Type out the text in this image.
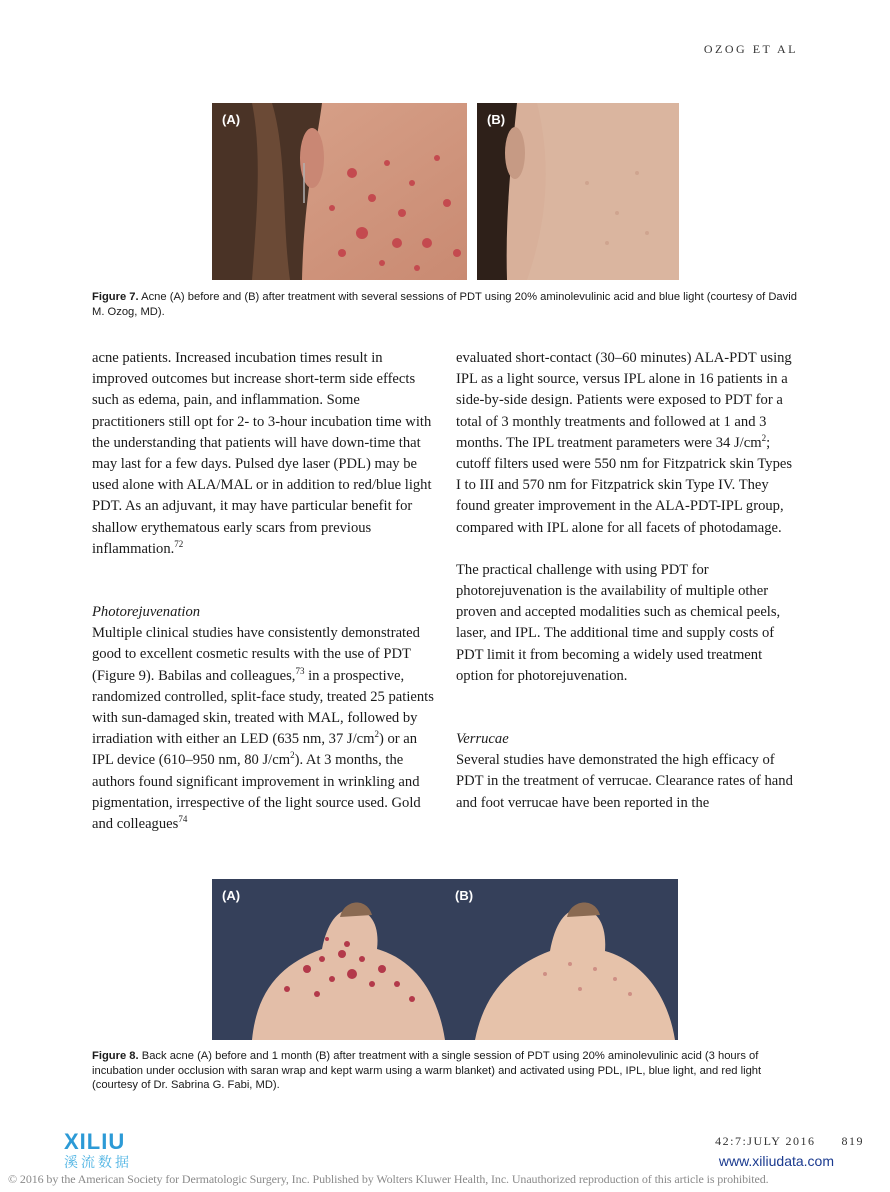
OZOG ET AL
(A)	(B)

Figure 7. Acne (A) before and (B) after treatment with several sessions of PDT using 20% aminolevulinic acid and blue light (courtesy of David M. Ozog, MD).

acne patients. Increased incubation times result in improved outcomes but increase short-term side effects such as edema, pain, and inflammation. Some practitioners still opt for 2- to 3-hour incubation time with the understanding that patients will have down-time that may last for a few days. Pulsed dye laser (PDL) may be used alone with ALA/MAL or in addition to red/blue light PDT. As an adjuvant, it may have particular benefit for shallow erythematous early scars from previous inflammation.$^{72}$

Photorejuvenation

Multiple clinical studies have consistently demonstrated good to excellent cosmetic results with the use of PDT (Figure 9). Babilas and colleagues,$^{73}$ in a prospective, randomized controlled, split-face study, treated 25 patients with sun-damaged skin, treated with MAL, followed by irradiation with either an LED (635 nm, 37 $J/cm^2$) or an IPL device (610–950 nm, 80 $J/cm^2$). At 3 months, the authors found significant improvement in wrinkling and pigmentation, irrespective of the light source used. Gold and colleagues$^{74}$

evaluated short-contact (30–60 minutes) ALA-PDT using IPL as a light source, versus IPL alone in 16 patients in a side-by-side design. Patients were exposed to PDT for a total of 3 monthly treatments and followed at 1 and 3 months. The IPL treatment parameters were 34 $J/cm^2$; cutoff filters used were 550 nm for Fitzpatrick skin Types I to III and 570 nm for Fitzpatrick skin Type IV. They found greater improvement in the ALA-PDT-IPL group, compared with IPL alone for all facets of photodamage.

The practical challenge with using PDT for photorejuvenation is the availability of multiple other proven and accepted modalities such as chemical peels, laser, and IPL. The additional time and supply costs of PDT limit it from becoming a widely used treatment option for photorejuvenation.

Verrucae

Several studies have demonstrated the high efficacy of PDT in the treatment of verrucae. Clearance rates of hand and foot verrucae have been reported in the

(A)	(B)

Figure 8. Back acne (A) before and 1 month (B) after treatment with a single session of PDT using 20% aminolevulinic acid (3 hours of incubation under occlusion with saran wrap and kept warm using a warm blanket) and activated using PDL, IPL, blue light, and red light (courtesy of Dr. Sabrina G. Fabi, MD).

XILIU
溪流数据
42:7:JULY 2016 819
www.xiliudata.com
© 2016 by the American Society for Dermatologic Surgery, Inc. Published by Wolters Kluwer Health, Inc. Unauthorized reproduction of this article is prohibited.
